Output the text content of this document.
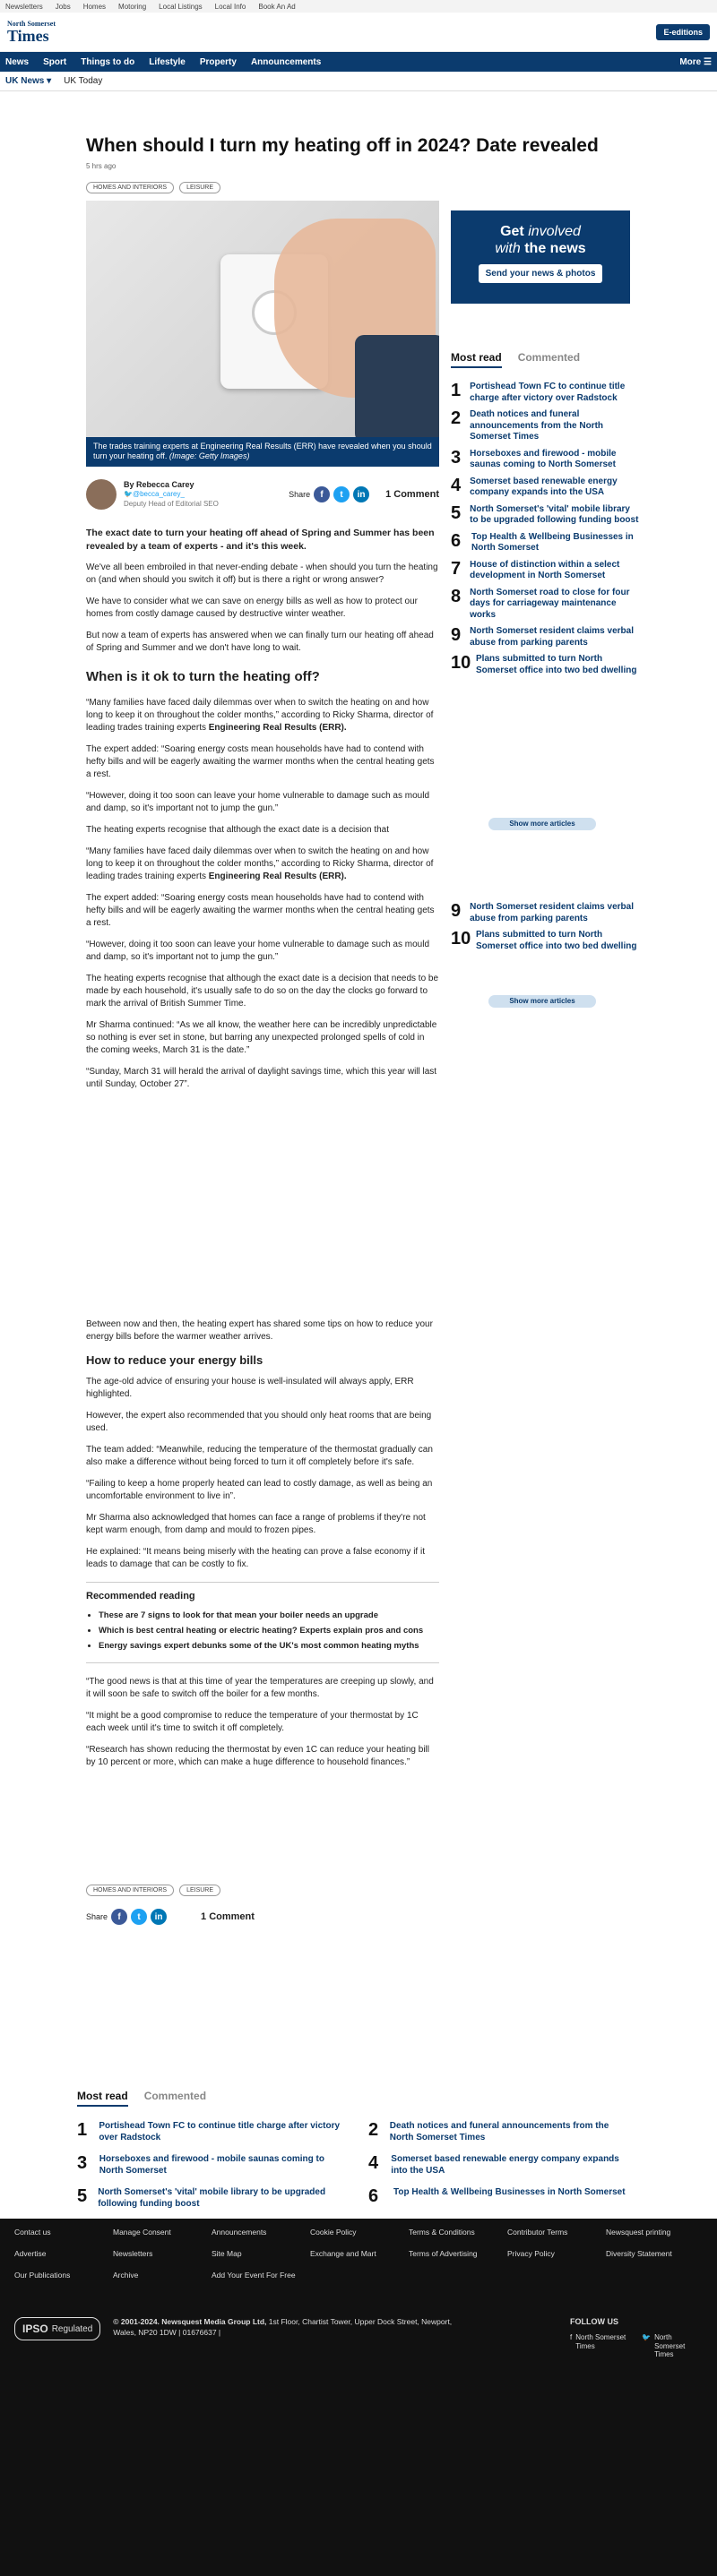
Newsletters Jobs Homes Motoring Local Listings Local Info Book An Ad
North Somerset
Times	E-editions
News Sport Things to do Lifestyle Property Announcements	More ☰
UK News ▾ UK Today
When should I turn my heating off in 2024? Date revealed
5 hrs ago
HOMES AND INTERIORS	LEISURE
The trades training experts at Engineering Real Results (ERR) have revealed when you should turn your heating off. (Image: Getty Images)
By Rebecca Carey
🐦@becca_carey_
Deputy Head of Editorial SEO
Share	f	t	in	1 Comment

The exact date to turn your heating off ahead of Spring and Summer has been revealed by a team of experts - and it's this week.

We've all been embroiled in that never-ending debate - when should you turn the heating on (and when should you switch it off) but is there a right or wrong answer?

We have to consider what we can save on energy bills as well as how to protect our homes from costly damage caused by destructive winter weather.

But now a team of experts has answered when we can finally turn our heating off ahead of Spring and Summer and we don't have long to wait.

When is it ok to turn the heating off?

“Many families have faced daily dilemmas over when to switch the heating on and how long to keep it on throughout the colder months,” according to Ricky Sharma, director of leading trades training experts Engineering Real Results (ERR).

The expert added: “Soaring energy costs mean households have had to contend with hefty bills and will be eagerly awaiting the warmer months when the central heating gets a rest.

“However, doing it too soon can leave your home vulnerable to damage such as mould and damp, so it's important not to jump the gun.”

The heating experts recognise that although the exact date is a decision that

“Many families have faced daily dilemmas over when to switch the heating on and how long to keep it on throughout the colder months,” according to Ricky Sharma, director of leading trades training experts Engineering Real Results (ERR).

The expert added: “Soaring energy costs mean households have had to contend with hefty bills and will be eagerly awaiting the warmer months when the central heating gets a rest.

“However, doing it too soon can leave your home vulnerable to damage such as mould and damp, so it's important not to jump the gun.”

The heating experts recognise that although the exact date is a decision that needs to be made by each household, it's usually safe to do so on the day the clocks go forward to mark the arrival of British Summer Time.

Mr Sharma continued: “As we all know, the weather here can be incredibly unpredictable so nothing is ever set in stone, but barring any unexpected prolonged spells of cold in the coming weeks, March 31 is the date.”

“Sunday, March 31 will herald the arrival of daylight savings time, which this year will last until Sunday, October 27”.

Between now and then, the heating expert has shared some tips on how to reduce your energy bills before the warmer weather arrives.

How to reduce your energy bills

The age-old advice of ensuring your house is well-insulated will always apply, ERR highlighted.

However, the expert also recommended that you should only heat rooms that are being used.

The team added: “Meanwhile, reducing the temperature of the thermostat gradually can also make a difference without being forced to turn it off completely before it's safe.

“Failing to keep a home properly heated can lead to costly damage, as well as being an uncomfortable environment to live in”.

Mr Sharma also acknowledged that homes can face a range of problems if they're not kept warm enough, from damp and mould to frozen pipes.

He explained: “It means being miserly with the heating can prove a false economy if it leads to damage that can be costly to fix.

Recommended reading
• These are 7 signs to look for that mean your boiler needs an upgrade
• Which is best central heating or electric heating? Experts explain pros and cons
• Energy savings expert debunks some of the UK's most common heating myths

“The good news is that at this time of year the temperatures are creeping up slowly, and it will soon be safe to switch off the boiler for a few months.

“It might be a good compromise to reduce the temperature of your thermostat by 1C each week until it's time to switch it off completely.

“Research has shown reducing the thermostat by even 1C can reduce your heating bill by 10 percent or more, which can make a huge difference to household finances.”

HOMES AND INTERIORS	LEISURE
Share	f	t	in	1 Comment
Get involved
with the news
Send your news & photos
Most read Commented
1 Portishead Town FC to continue title charge after victory over Radstock
2 Death notices and funeral announcements from the North Somerset Times
3 Horseboxes and firewood - mobile saunas coming to North Somerset
4 Somerset based renewable energy company expands into the USA
5 North Somerset's 'vital' mobile library to be upgraded following funding boost
6 Top Health & Wellbeing Businesses in North Somerset
7 House of distinction within a select development in North Somerset
8 North Somerset road to close for four days for carriageway maintenance works
9 North Somerset resident claims verbal abuse from parking parents
10 Plans submitted to turn North Somerset office into two bed dwelling
Show more articles
9 North Somerset resident claims verbal abuse from parking parents
10 Plans submitted to turn North Somerset office into two bed dwelling
Show more articles
Most read Commented
1	Portishead Town FC to continue title charge after victory over Radstock	2 Death notices and funeral announcements from the North Somerset Times
3	Horseboxes and firewood - mobile saunas coming to North Somerset	4	Somerset based renewable energy company expands into the USA
5 North Somerset's 'vital' mobile library to be upgraded following funding boost	6	Top Health & Wellbeing Businesses in North Somerset
Contact us	Manage Consent	Announcements	Cookie Policy	Terms & Conditions	Contributor Terms	Newsquest printing
Advertise	Newsletters	Site Map	Exchange and Mart	Terms of Advertising	Privacy Policy	Diversity Statement
Our Publications	Archive	Add Your Event For Free
IPSO Regulated
© 2001-2024. Newsquest Media Group Ltd, 1st Floor, Chartist Tower, Upper Dock Street, Newport, Wales, NP20 1DW | 01676637 |
FOLLOW US
f North Somerset Times
🐦 North Somerset Times
